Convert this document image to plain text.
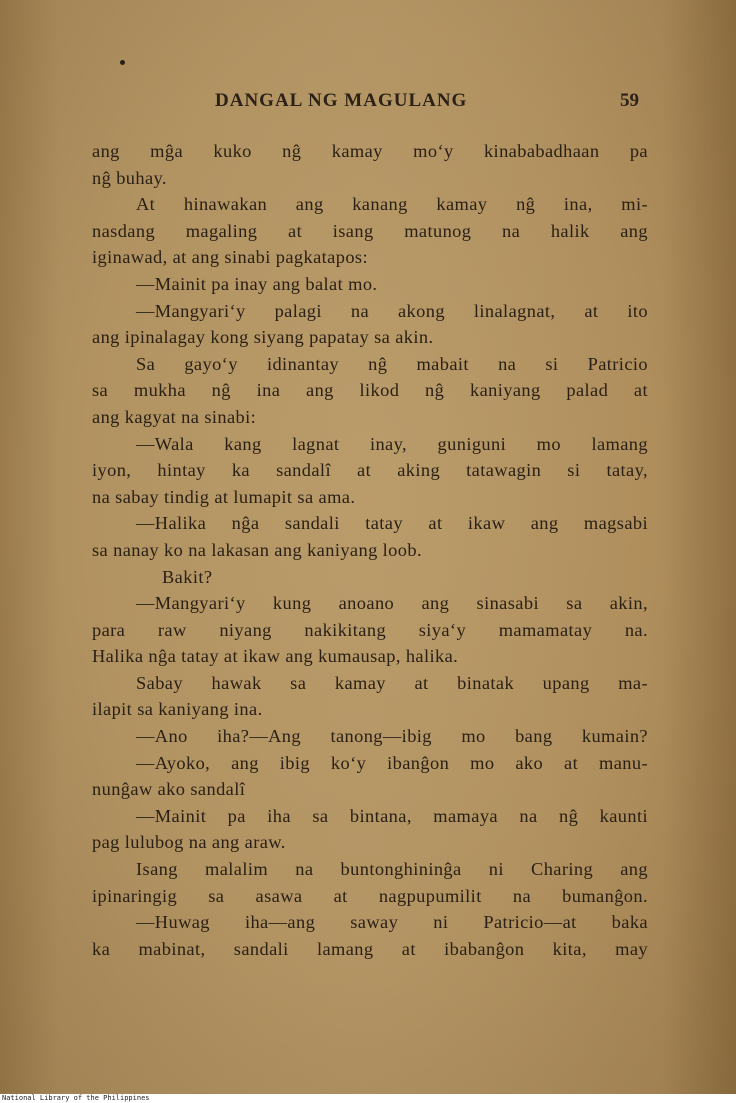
DANGAL NG MAGULANG	59
ang mĝa kuko nĝ kamay mo‘y kinababadhaan pa
nĝ buhay.
At hinawakan ang kanang kamay nĝ ina, mi-
nasdang magaling at isang matunog na halik ang
iginawad, at ang sinabi pagkatapos:
—Mainit pa inay ang balat mo.
—Mangyari‘y palagi na akong linalagnat, at ito
ang ipinalagay kong siyang papatay sa akin.
Sa gayo‘y idinantay nĝ mabait na si Patricio
sa mukha nĝ ina ang likod nĝ kaniyang palad at
ang kagyat na sinabi:
—Wala kang lagnat inay, guniguni mo lamang
iyon, hintay ka sandalî at aking tatawagin si tatay,
na sabay tindig at lumapit sa ama.
—Halika nĝa sandali tatay at ikaw ang magsabi
sa nanay ko na lakasan ang kaniyang loob.
Bakit?
—Mangyari‘y kung anoano ang sinasabi sa akin,
para raw niyang nakikitang siya‘y mamamatay na.
Halika nĝa tatay at ikaw ang kumausap, halika.
Sabay hawak sa kamay at binatak upang ma-
ilapit sa kaniyang ina.
—Ano iha?—Ang tanong—ibig mo bang kumain?
—Ayoko, ang ibig ko‘y ibanĝon mo ako at manu-
nunĝaw ako sandalî
—Mainit pa iha sa bintana, mamaya na nĝ kaunti
pag lulubog na ang araw.
Isang malalim na buntonghininĝa ni Charing ang
ipinaringig sa asawa at nagpupumilit na bumanĝon.
—Huwag iha—ang saway ni Patricio—at baka
ka mabinat, sandali lamang at ibabanĝon kita, may
National Library of the Philippines
